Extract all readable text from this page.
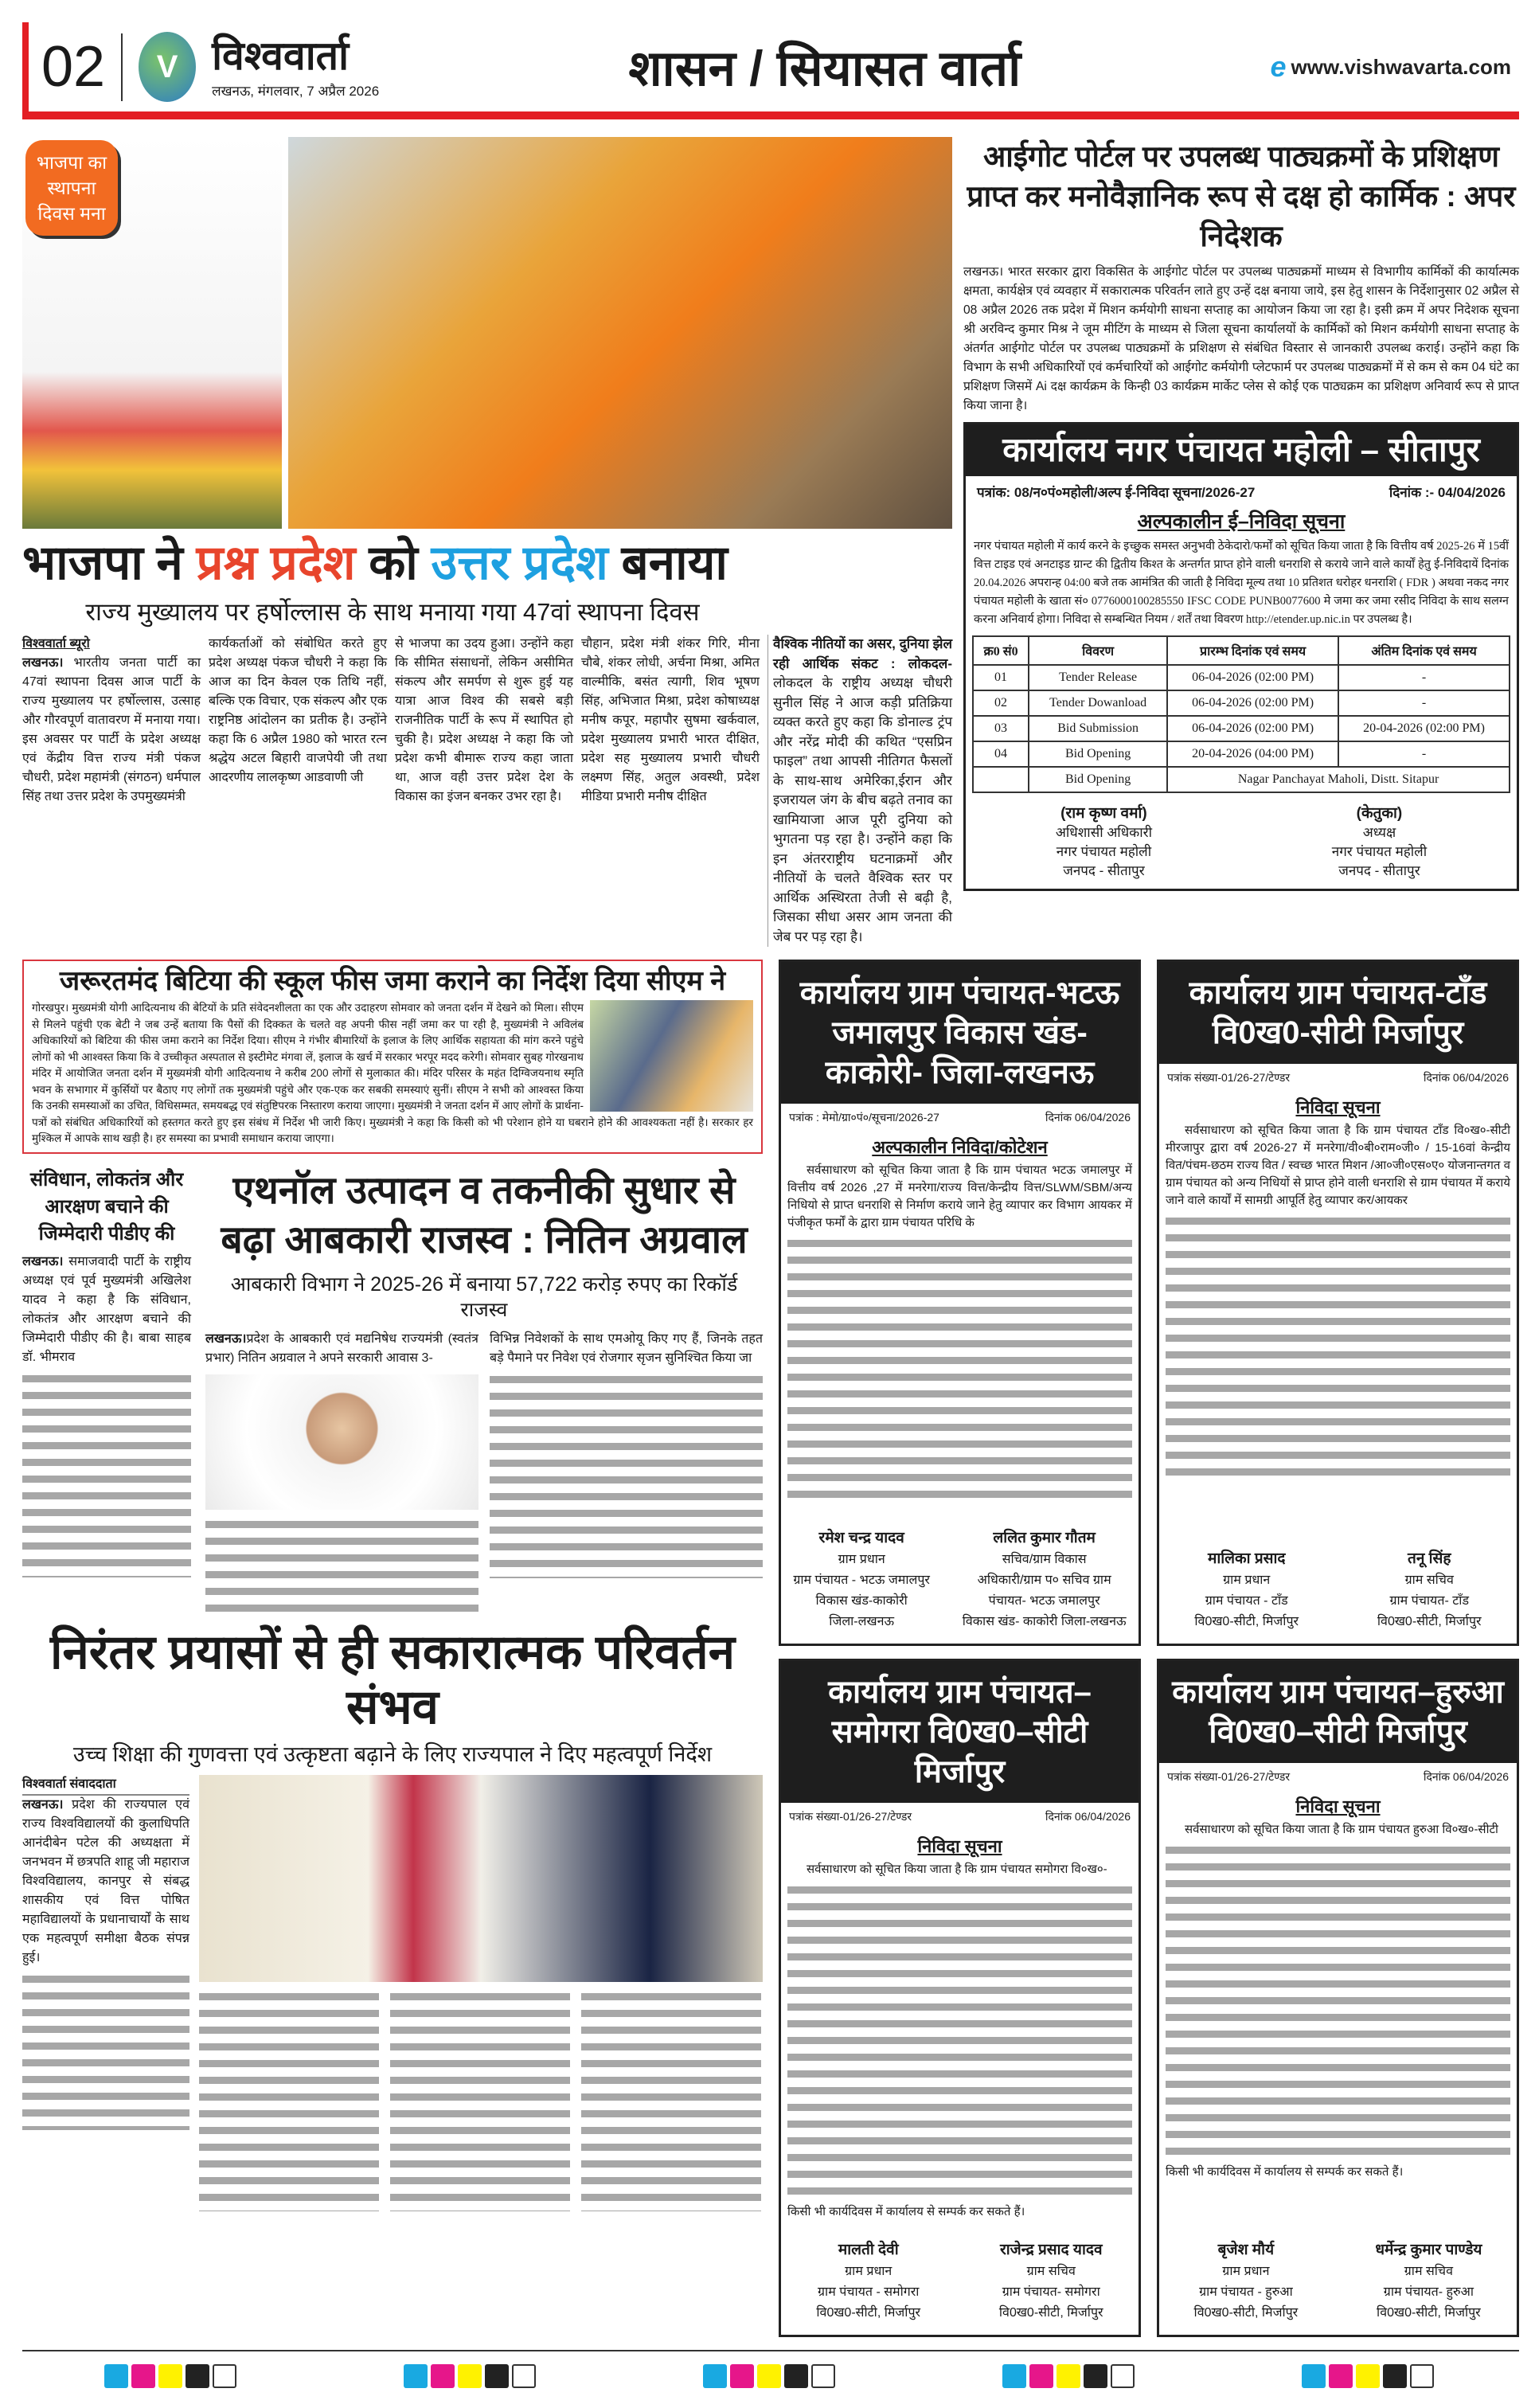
02	V विश्ववार्ता
लखनऊ, मंगलवार, 7 अप्रैल 2026	शासन / सियासत वार्ता	e www.vishwavarta.com
भाजपा का स्थापना दिवस मना
भाजपा ने प्रश्न प्रदेश को उत्तर प्रदेश बनाया
राज्य मुख्यालय पर हर्षोल्लास के साथ मनाया गया 47वां स्थापना दिवस
विश्ववार्ता ब्यूरो
लखनऊ। भारतीय जनता पार्टी का 47वां स्थापना दिवस आज पार्टी के राज्य मुख्यालय पर हर्षोल्लास, उत्साह और गौरवपूर्ण वातावरण में मनाया गया। इस अवसर पर पार्टी के प्रदेश अध्यक्ष एवं केंद्रीय वित्त राज्य मंत्री पंकज चौधरी, प्रदेश महामंत्री (संगठन) धर्मपाल सिंह तथा उत्तर प्रदेश के उपमुख्यमंत्री
कार्यकर्ताओं को संबोधित करते हुए प्रदेश अध्यक्ष पंकज चौधरी ने कहा कि आज का दिन केवल एक तिथि नहीं, बल्कि एक विचार, एक संकल्प और एक राष्ट्रनिष्ठ आंदोलन का प्रतीक है। उन्होंने कहा कि 6 अप्रैल 1980 को भारत रत्न श्रद्धेय अटल बिहारी वाजपेयी जी तथा आदरणीय लालकृष्ण आडवाणी जी
से भाजपा का उदय हुआ। उन्होंने कहा कि सीमित संसाधनों, लेकिन असीमित संकल्प और समर्पण से शुरू हुई यह यात्रा आज विश्व की सबसे बड़ी राजनीतिक पार्टी के रूप में स्थापित हो चुकी है। प्रदेश अध्यक्ष ने कहा कि जो प्रदेश कभी बीमारू राज्य कहा जाता था, आज वही उत्तर प्रदेश देश के विकास का इंजन बनकर उभर रहा है।
चौहान, प्रदेश मंत्री शंकर गिरि, मीना चौबे, शंकर लोधी, अर्चना मिश्रा, अमित वाल्मीकि, बसंत त्यागी, शिव भूषण सिंह, अभिजात मिश्रा, प्रदेश कोषाध्यक्ष मनीष कपूर, महापौर सुषमा खर्कवाल, प्रदेश मुख्यालय प्रभारी भारत दीक्षित, प्रदेश सह मुख्यालय प्रभारी चौधरी लक्ष्मण सिंह, अतुल अवस्थी, प्रदेश मीडिया प्रभारी मनीष दीक्षित
वैश्विक नीतियों का असर, दुनिया झेल रही आर्थिक संकट : लोकदल- लोकदल के राष्ट्रीय अध्यक्ष चौधरी सुनील सिंह ने आज कड़ी प्रतिक्रिया व्यक्त करते हुए कहा कि डोनाल्ड ट्रंप और नरेंद्र मोदी की कथित “एसप्रिन फाइल” तथा आपसी नीतिगत फैसलों के साथ-साथ अमेरिका,ईरान और इजरायल जंग के बीच बढ़ते तनाव का खामियाजा आज पूरी दुनिया को भुगतना पड़ रहा है। उन्होंने कहा कि इन अंतरराष्ट्रीय घटनाक्रमों और नीतियों के चलते वैश्विक स्तर पर आर्थिक अस्थिरता तेजी से बढ़ी है, जिसका सीधा असर आम जनता की जेब पर पड़ रहा है।
आईगोट पोर्टल पर उपलब्ध पाठ्यक्रमों के प्रशिक्षण प्राप्त कर मनोवैज्ञानिक रूप से दक्ष हो कार्मिक : अपर निदेशक
लखनऊ। भारत सरकार द्वारा विकसित के आईगोट पोर्टल पर उपलब्ध पाठ्यक्रमों माध्यम से विभागीय कार्मिकों की कार्यात्मक क्षमता, कार्यक्षेत्र एवं व्यवहार में सकारात्मक परिवर्तन लाते हुए उन्हें दक्ष बनाया जाये, इस हेतु शासन के निर्देशानुसार 02 अप्रैल से 08 अप्रैल 2026 तक प्रदेश में मिशन कर्मयोगी साधना सप्ताह का आयोजन किया जा रहा है। इसी क्रम में अपर निदेशक सूचना श्री अरविन्द कुमार मिश्र ने जूम मीटिंग के माध्यम से जिला सूचना कार्यालयों के कार्मिकों को मिशन कर्मयोगी साधना सप्ताह के अंतर्गत आईगोट पोर्टल पर उपलब्ध पाठ्यक्रमों के प्रशिक्षण से संबंधित विस्तार से जानकारी उपलब्ध कराई। उन्होंने कहा कि विभाग के सभी अधिकारियों एवं कर्मचारियों को आईगोट कर्मयोगी प्लेटफार्म पर उपलब्ध पाठ्यक्रमों में से कम से कम 04 घंटे का प्रशिक्षण जिसमें Ai दक्ष कार्यक्रम के किन्ही 03 कार्यक्रम मार्केट प्लेस से कोई एक पाठ्यक्रम का प्रशिक्षण अनिवार्य रूप से प्राप्त किया जाना है।
कार्यालय नगर पंचायत महोली – सीतापुर
पत्रांक: 08/न०पं०महोली/अल्प ई-निविदा सूचना/2026-27	दिनांक :- 04/04/2026
अल्पकालीन ई–निविदा सूचना
नगर पंचायत महोली में कार्य करने के इच्छुक समस्त अनुभवी ठेकेदारो/फर्मों को सूचित किया जाता है कि वित्तीय वर्ष 2025-26 में 15वीं वित्त टाइड एवं अनटाइड ग्रान्ट की द्वितीय किश्त के अन्तर्गत प्राप्त होने वाली धनराशि से कराये जाने वाले कार्यों हेतु ई-निविदायें दिनांक 20.04.2026 अपरान्ह 04:00 बजे तक आमंत्रित की जाती है निविदा मूल्य तथा 10 प्रतिशत धरोहर धनराशि ( FDR ) अथवा नकद नगर पंचायत महोली के खाता सं० 0776000100285550 IFSC CODE PUNB0077600 मे जमा कर जमा रसीद निविदा के साथ सलग्न करना अनिवार्य होगा। निविदा से सम्बन्धित नियम / शर्तें तथा विवरण http://etender.up.nic.in पर उपलब्ध है।
क्र0 सं0	विवरण	प्रारम्भ दिनांक एवं समय	अंतिम दिनांक एवं समय
01	Tender Release	06-04-2026 (02:00 PM)	-
02	Tender Dowanload	06-04-2026 (02:00 PM)	-
03	Bid Submission	06-04-2026 (02:00 PM)	20-04-2026 (02:00 PM)
04	Bid Opening	20-04-2026 (04:00 PM)	-
	Bid Opening	Nagar Panchayat Maholi, Distt. Sitapur	
(राम कृष्ण वर्मा)
अधिशासी अधिकारी
नगर पंचायत महोली
जनपद - सीतापुर
(केतुका)
अध्यक्ष
नगर पंचायत महोली
जनपद - सीतापुर
जरूरतमंद बिटिया की स्कूल फीस जमा कराने का निर्देश दिया सीएम ने
गोरखपुर। मुख्यमंत्री योगी आदित्यनाथ की बेटियों के प्रति संवेदनशीलता का एक और उदाहरण सोमवार को जनता दर्शन में देखने को मिला। सीएम से मिलने पहुंची एक बेटी ने जब उन्हें बताया कि पैसों की दिक्कत के चलते वह अपनी फीस नहीं जमा कर पा रही है, मुख्यमंत्री ने अविलंब अधिकारियों को बिटिया की फीस जमा कराने का निर्देश दिया। सीएम ने गंभीर बीमारियों के इलाज के लिए आर्थिक सहायता की मांग करने पहुंचे लोगों को भी आश्वस्त किया कि वे उच्चीकृत अस्पताल से इस्टीमेट मंगवा लें, इलाज के खर्च में सरकार भरपूर मदद करेगी। सोमवार सुबह गोरखनाथ मंदिर में आयोजित जनता दर्शन में मुख्यमंत्री योगी आदित्यनाथ ने करीब 200 लोगों से मुलाकात की। मंदिर परिसर के महंत दिग्विजयनाथ स्मृति भवन के सभागार में कुर्सियों पर बैठाए गए लोगों तक मुख्यमंत्री पहुंचे और एक-एक कर सबकी समस्याएं सुनीं। सीएम ने सभी को आश्वस्त किया कि उनकी समस्याओं का उचित, विधिसम्मत, समयबद्ध एवं संतुष्टिपरक निस्तारण कराया जाएगा। मुख्यमंत्री ने जनता दर्शन में आए लोगों के प्रार्थना-पत्रों को संबंधित अधिकारियों को हस्तगत करते हुए इस संबंध में निर्देश भी जारी किए। मुख्यमंत्री ने कहा कि किसी को भी परेशान होने या घबराने होने की आवश्यकता नहीं है। सरकार हर मुश्किल में आपके साथ खड़ी है। हर समस्या का प्रभावी समाधान कराया जाएगा।
संविधान, लोकतंत्र और आरक्षण बचाने की जिम्मेदारी पीडीए की
लखनऊ। समाजवादी पार्टी के राष्ट्रीय अध्यक्ष एवं पूर्व मुख्यमंत्री अखिलेश यादव ने कहा है कि संविधान, लोकतंत्र और आरक्षण बचाने की जिम्मेदारी पीडीए की है। बाबा साहब डॉ. भीमराव
एथनॉल उत्पादन व तकनीकी सुधार से बढ़ा आबकारी राजस्व : नितिन अग्रवाल
आबकारी विभाग ने 2025-26 में बनाया 57,722 करोड़ रुपए का रिकॉर्ड राजस्व
लखनऊ।प्रदेश के आबकारी एवं मद्यनिषेध राज्यमंत्री (स्वतंत्र प्रभार) नितिन अग्रवाल ने अपने सरकारी आवास 3-
विभिन्न निवेशकों के साथ एमओयू किए गए हैं, जिनके तहत बड़े पैमाने पर निवेश एवं रोजगार सृजन सुनिश्चित किया जा
निरंतर प्रयासों से ही सकारात्मक परिवर्तन संभव
उच्च शिक्षा की गुणवत्ता एवं उत्कृष्टता बढ़ाने के लिए राज्यपाल ने दिए महत्वपूर्ण निर्देश
विश्ववार्ता संवाददाता
लखनऊ। प्रदेश की राज्यपाल एवं राज्य विश्वविद्यालयों की कुलाधिपति आनंदीबेन पटेल की अध्यक्षता में जनभवन में छत्रपति शाहू जी महाराज विश्वविद्यालय, कानपुर से संबद्ध शासकीय एवं वित्त पोषित महाविद्यालयों के प्रधानाचार्यों के साथ एक महत्वपूर्ण समीक्षा बैठक संपन्न हुई।
कार्यालय ग्राम पंचायत-भटऊ जमालपुर विकास खंड-काकोरी- जिला-लखनऊ
पत्रांक : मेमो/ग्रा०पं०/सूचना/2026-27	दिनांक 06/04/2026
अल्पकालीन निविदा/कोटेशन
सर्वसाधारण को सूचित किया जाता है कि ग्राम पंचायत भटऊ जमालपुर में वित्तीय वर्ष 2026 ,27 में मनरेगा/राज्य वित्त/केन्द्रीय वित्त/SLWM/SBM/अन्य निधियो से प्राप्त धनराशि से निर्माण कराये जाने हेतु व्यापार कर विभाग आयकर में पंजीकृत फर्मों के द्वारा ग्राम पंचायत परिधि के
रमेश चन्द्र यादव
ग्राम प्रधान
ग्राम पंचायत - भटऊ जमालपुर
विकास खंड-काकोरी
जिला-लखनऊ
ललित कुमार गौतम
सचिव/ग्राम विकास
अधिकारी/ग्राम प० सचिव ग्राम
पंचायत- भटऊ जमालपुर
विकास खंड- काकोरी जिला-लखनऊ
कार्यालय ग्राम पंचायत-टाँड वि0ख0-सीटी मिर्जापुर
पत्रांक संख्या-01/26-27/टेण्डर	दिनांक 06/04/2026
निविदा सूचना
सर्वसाधारण को सूचित किया जाता है कि ग्राम पंचायत टाँड वि०ख०-सीटी मीरजापुर द्वारा वर्ष 2026-27 में मनरेगा/वी०बी०राम०जी० / 15-16वां केन्द्रीय वित/पंचम-छठम राज्य वित / स्वच्छ भारत मिशन /आ०जी०एस०ए० योजनान्तगत व ग्राम पंचायत को अन्य निधियों से प्राप्त होने वाली धनराशि से ग्राम पंचायत में कराये जाने वाले कार्यों में सामग्री आपूर्ति हेतु व्यापार कर/आयकर
मालिका प्रसाद
ग्राम प्रधान
ग्राम पंचायत - टाँड
वि0ख0-सीटी, मिर्जापुर
तनू सिंह
ग्राम सचिव
ग्राम पंचायत- टाँड
वि0ख0-सीटी, मिर्जापुर
कार्यालय ग्राम पंचायत–समोगरा वि0ख0–सीटी मिर्जापुर
पत्रांक संख्या-01/26-27/टेण्डर	दिनांक 06/04/2026
निविदा सूचना
सर्वसाधारण को सूचित किया जाता है कि ग्राम पंचायत समोगरा वि०ख०-
किसी भी कार्यदिवस में कार्यालय से सम्पर्क कर सकते हैं।
मालती देवी
ग्राम प्रधान
ग्राम पंचायत - समोगरा
वि0ख0-सीटी, मिर्जापुर
राजेन्द्र प्रसाद यादव
ग्राम सचिव
ग्राम पंचायत- समोगरा
वि0ख0-सीटी, मिर्जापुर
कार्यालय ग्राम पंचायत–हुरुआ वि0ख0–सीटी मिर्जापुर
पत्रांक संख्या-01/26-27/टेण्डर	दिनांक 06/04/2026
निविदा सूचना
सर्वसाधारण को सूचित किया जाता है कि ग्राम पंचायत हुरुआ वि०ख०-सीटी
किसी भी कार्यदिवस में कार्यालय से सम्पर्क कर सकते हैं।
बृजेश मौर्य
ग्राम प्रधान
ग्राम पंचायत - हुरुआ
वि0ख0-सीटी, मिर्जापुर
धर्मेन्द्र कुमार पाण्डेय
ग्राम सचिव
ग्राम पंचायत- हुरुआ
वि0ख0-सीटी, मिर्जापुर
